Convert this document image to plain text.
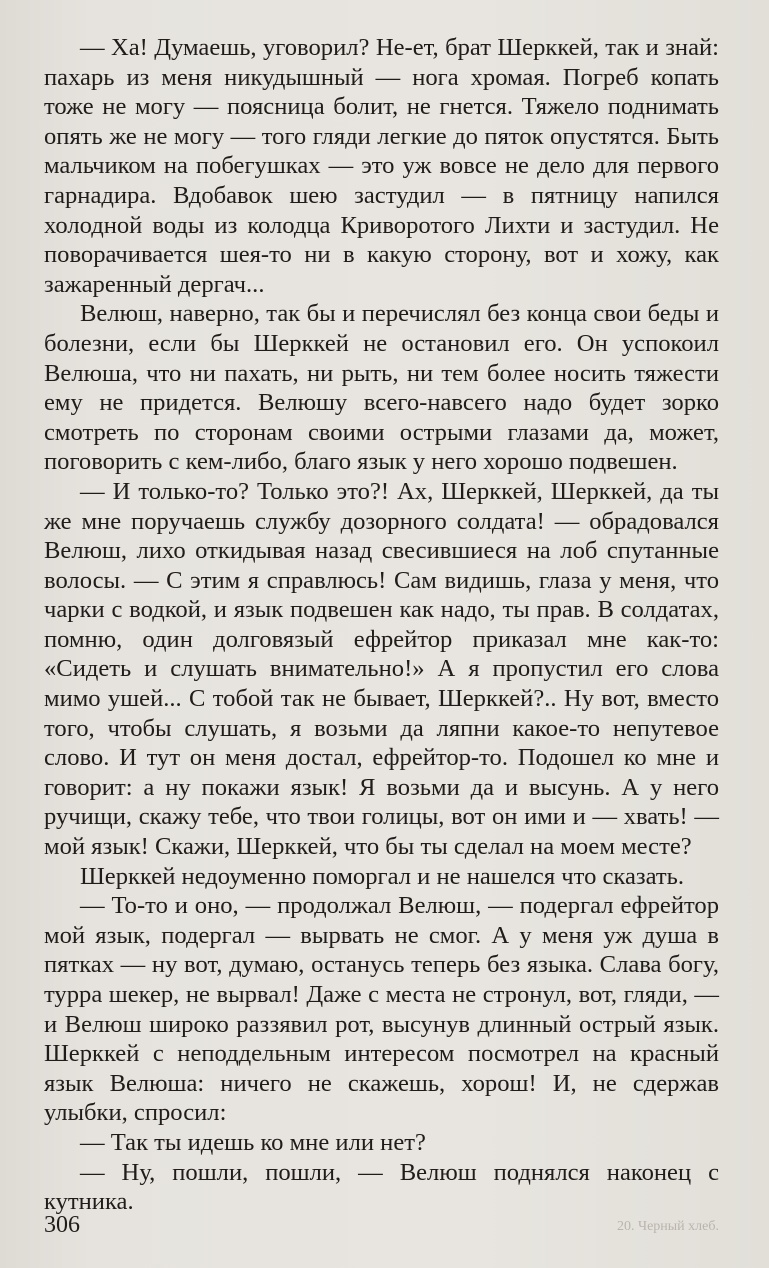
— Ха! Думаешь, уговорил? Не-ет, брат Шерккей, так и знай: пахарь из меня никудышный — нога хромая. Погреб копать тоже не могу — поясница болит, не гнется. Тяжело поднимать опять же не могу — того гляди легкие до пяток опустятся. Быть мальчиком на побегушках — это уж вовсе не дело для первого гарнадира. Вдобавок шею застудил — в пятницу напился холодной воды из колодца Криворотого Лихти и застудил. Не поворачивается шея-то ни в какую сторону, вот и хожу, как зажаренный дергач...

Велюш, наверно, так бы и перечислял без конца свои беды и болезни, если бы Шерккей не остановил его. Он успокоил Велюша, что ни пахать, ни рыть, ни тем более носить тяжести ему не придется. Велюшу всего-навсего надо будет зорко смотреть по сторонам своими острыми глазами да, может, поговорить с кем-либо, благо язык у него хорошо подвешен.

— И только-то? Только это?! Ах, Шерккей, Шерккей, да ты же мне поручаешь службу дозорного солдата! — обрадовался Велюш, лихо откидывая назад свесившиеся на лоб спутанные волосы. — С этим я справлюсь! Сам видишь, глаза у меня, что чарки с водкой, и язык подвешен как надо, ты прав. В солдатах, помню, один долговязый ефрейтор приказал мне как-то: «Сидеть и слушать внимательно!» А я пропустил его слова мимо ушей... С тобой так не бывает, Шерккей?.. Ну вот, вместо того, чтобы слушать, я возьми да ляпни какое-то непутевое слово. И тут он меня достал, ефрейтор-то. Подошел ко мне и говорит: а ну покажи язык! Я возьми да и высунь. А у него ручищи, скажу тебе, что твои голицы, вот он ими и — хвать! — мой язык! Скажи, Шерккей, что бы ты сделал на моем месте?

Шерккей недоуменно поморгал и не нашелся что сказать.

— То-то и оно, — продолжал Велюш, — подергал ефрейтор мой язык, подергал — вырвать не смог. А у меня уж душа в пятках — ну вот, думаю, останусь теперь без языка. Слава богу, турра шекер, не вырвал! Даже с места не стронул, вот, гляди, — и Велюш широко раззявил рот, высунув длинный острый язык. Шерккей с неподдельным интересом посмотрел на красный язык Велюша: ничего не скажешь, хорош! И, не сдержав улыбки, спросил:

— Так ты идешь ко мне или нет?

— Ну, пошли, пошли, — Велюш поднялся наконец с кутника.

306	20. Черный хлеб.
